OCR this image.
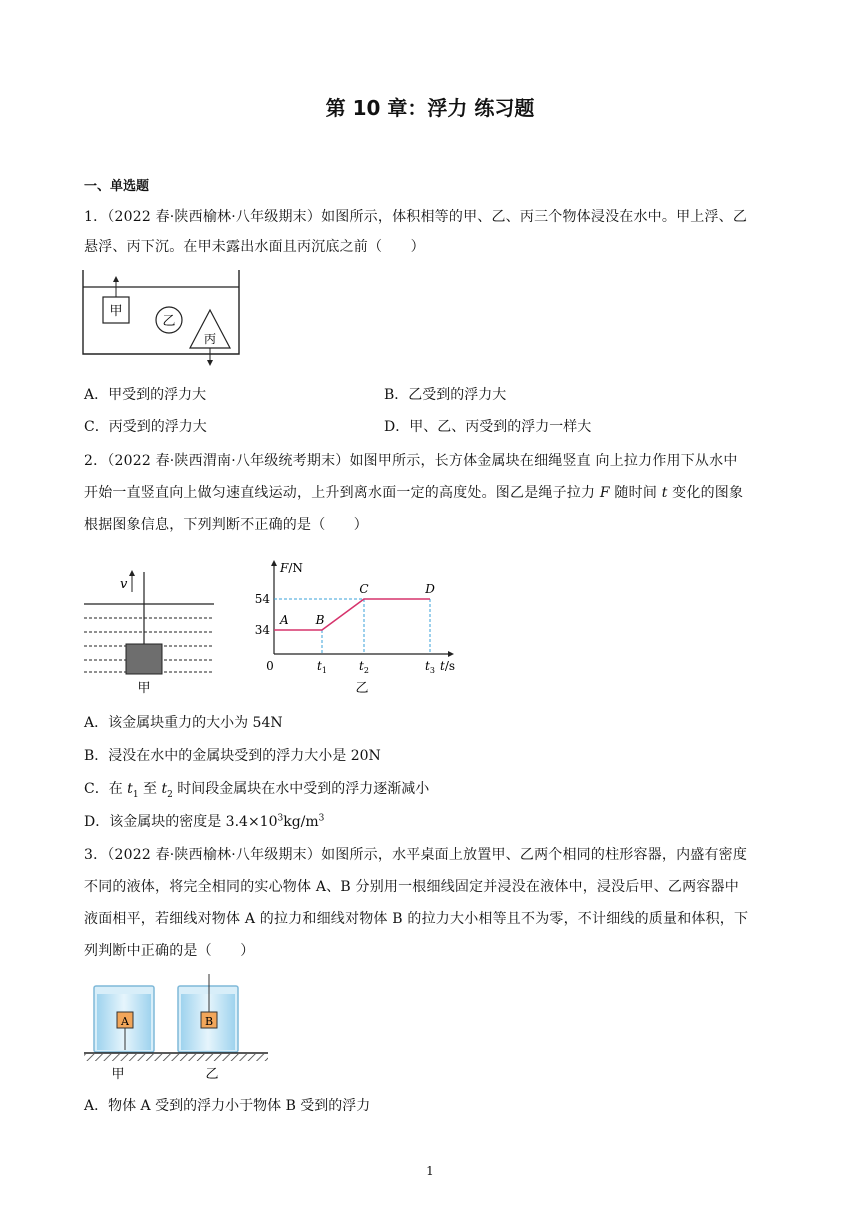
第 10 章：浮力 练习题
一、单选题
1．（2022 春·陕西榆林·八年级期末）如图所示，体积相等的甲、乙、丙三个物体浸没在水中。甲上浮、乙
悬浮、丙下沉。在甲未露出水面且丙沉底之前（　　）
甲
乙
丙
A．甲受到的浮力大	B．乙受到的浮力大
C．丙受到的浮力大	D．甲、乙、丙受到的浮力一样大
2．（2022 春·陕西渭南·八年级统考期末）如图甲所示，长方体金属块在细绳竖直 向上拉力作用下从水中
开始一直竖直向上做匀速直线运动，上升到离水面一定的高度处。图乙是绳子拉力 F 随时间 t 变化的图象
根据图象信息，下列判断不正确的是（　　）
v
甲
F/N
t/s
0
54
34
A B
C	D
$t_1$	$t_2$	$t_3$
乙
A．该金属块重力的大小为 54N
B．浸没在水中的金属块受到的浮力大小是 20N
C．在 $t_1$ 至 $t_2$ 时间段金属块在水中受到的浮力逐渐减小
D．该金属块的密度是 $3.4\times 10^3kg/m^3$
3．（2022 春·陕西榆林·八年级期末）如图所示，水平桌面上放置甲、乙两个相同的柱形容器，内盛有密度
不同的液体，将完全相同的实心物体 A、B 分别用一根细线固定并浸没在液体中，浸没后甲、乙两容器中
液面相平，若细线对物体 A 的拉力和细线对物体 B 的拉力大小相等且不为零，不计细线的质量和体积，下
列判断中正确的是（　　）
A	B
甲	乙
A．物体 A 受到的浮力小于物体 B 受到的浮力
1
